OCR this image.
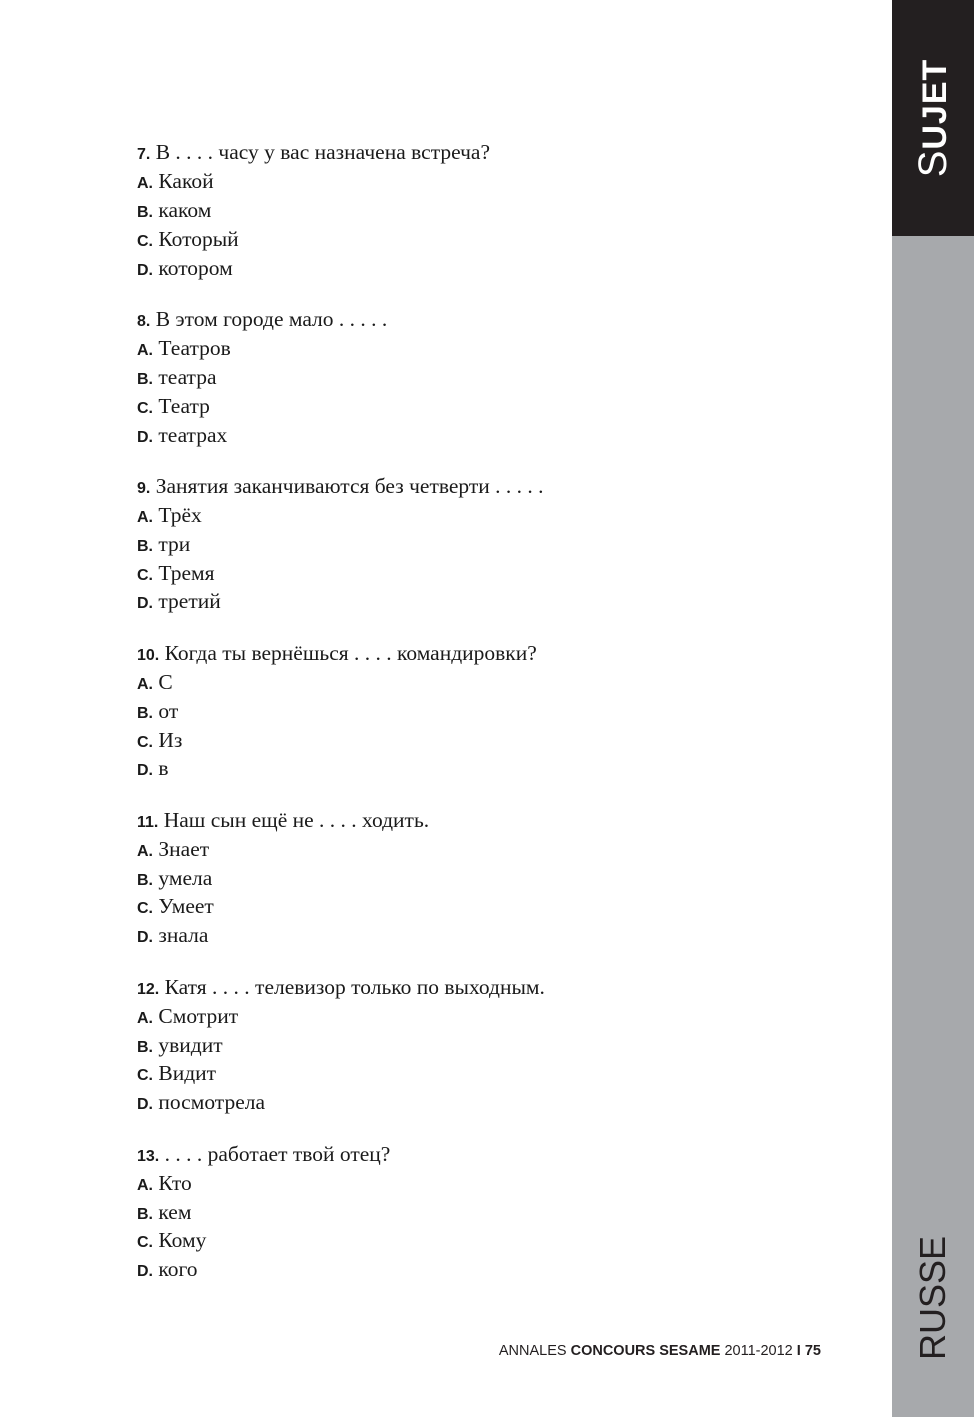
SUJET
RUSSE
7. В . . . . часу у вас назначена встреча?
A. Какой
B. каком
C. Который
D. котором
8. В этом городе мало . . . . .
A. Театров
B. театра
C. Театр
D. театрах
9. Занятия заканчиваются без четверти . . . . .
A. Трёх
B. три
C. Тремя
D. третий
10. Когда ты вернёшься . . . . командировки?
A. С
B. от
C. Из
D. в
11. Наш сын ещё не . . . . ходить.
A. Знает
B. умела
C. Умеет
D. знала
12. Катя . . . . телевизор только по выходным.
A. Смотрит
B. увидит
C. Видит
D. посмотрела
13. . . . . работает твой отец?
A. Кто
B. кем
C. Кому
D. кого
ANNALES CONCOURS SESAME 2011-2012 I 75
